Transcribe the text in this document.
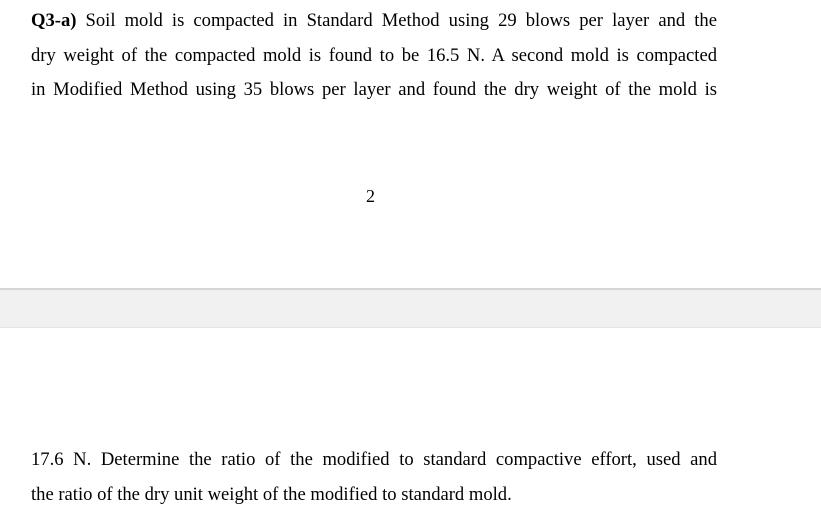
Q3-a) Soil mold is compacted in Standard Method using 29 blows per layer and the
dry weight of the compacted mold is found to be 16.5 N. A second mold is compacted
in Modified Method using 35 blows per layer and found the dry weight of the mold is
2
17.6 N. Determine the ratio of the modified to standard compactive effort, used and
the ratio of the dry unit weight of the modified to standard mold.
